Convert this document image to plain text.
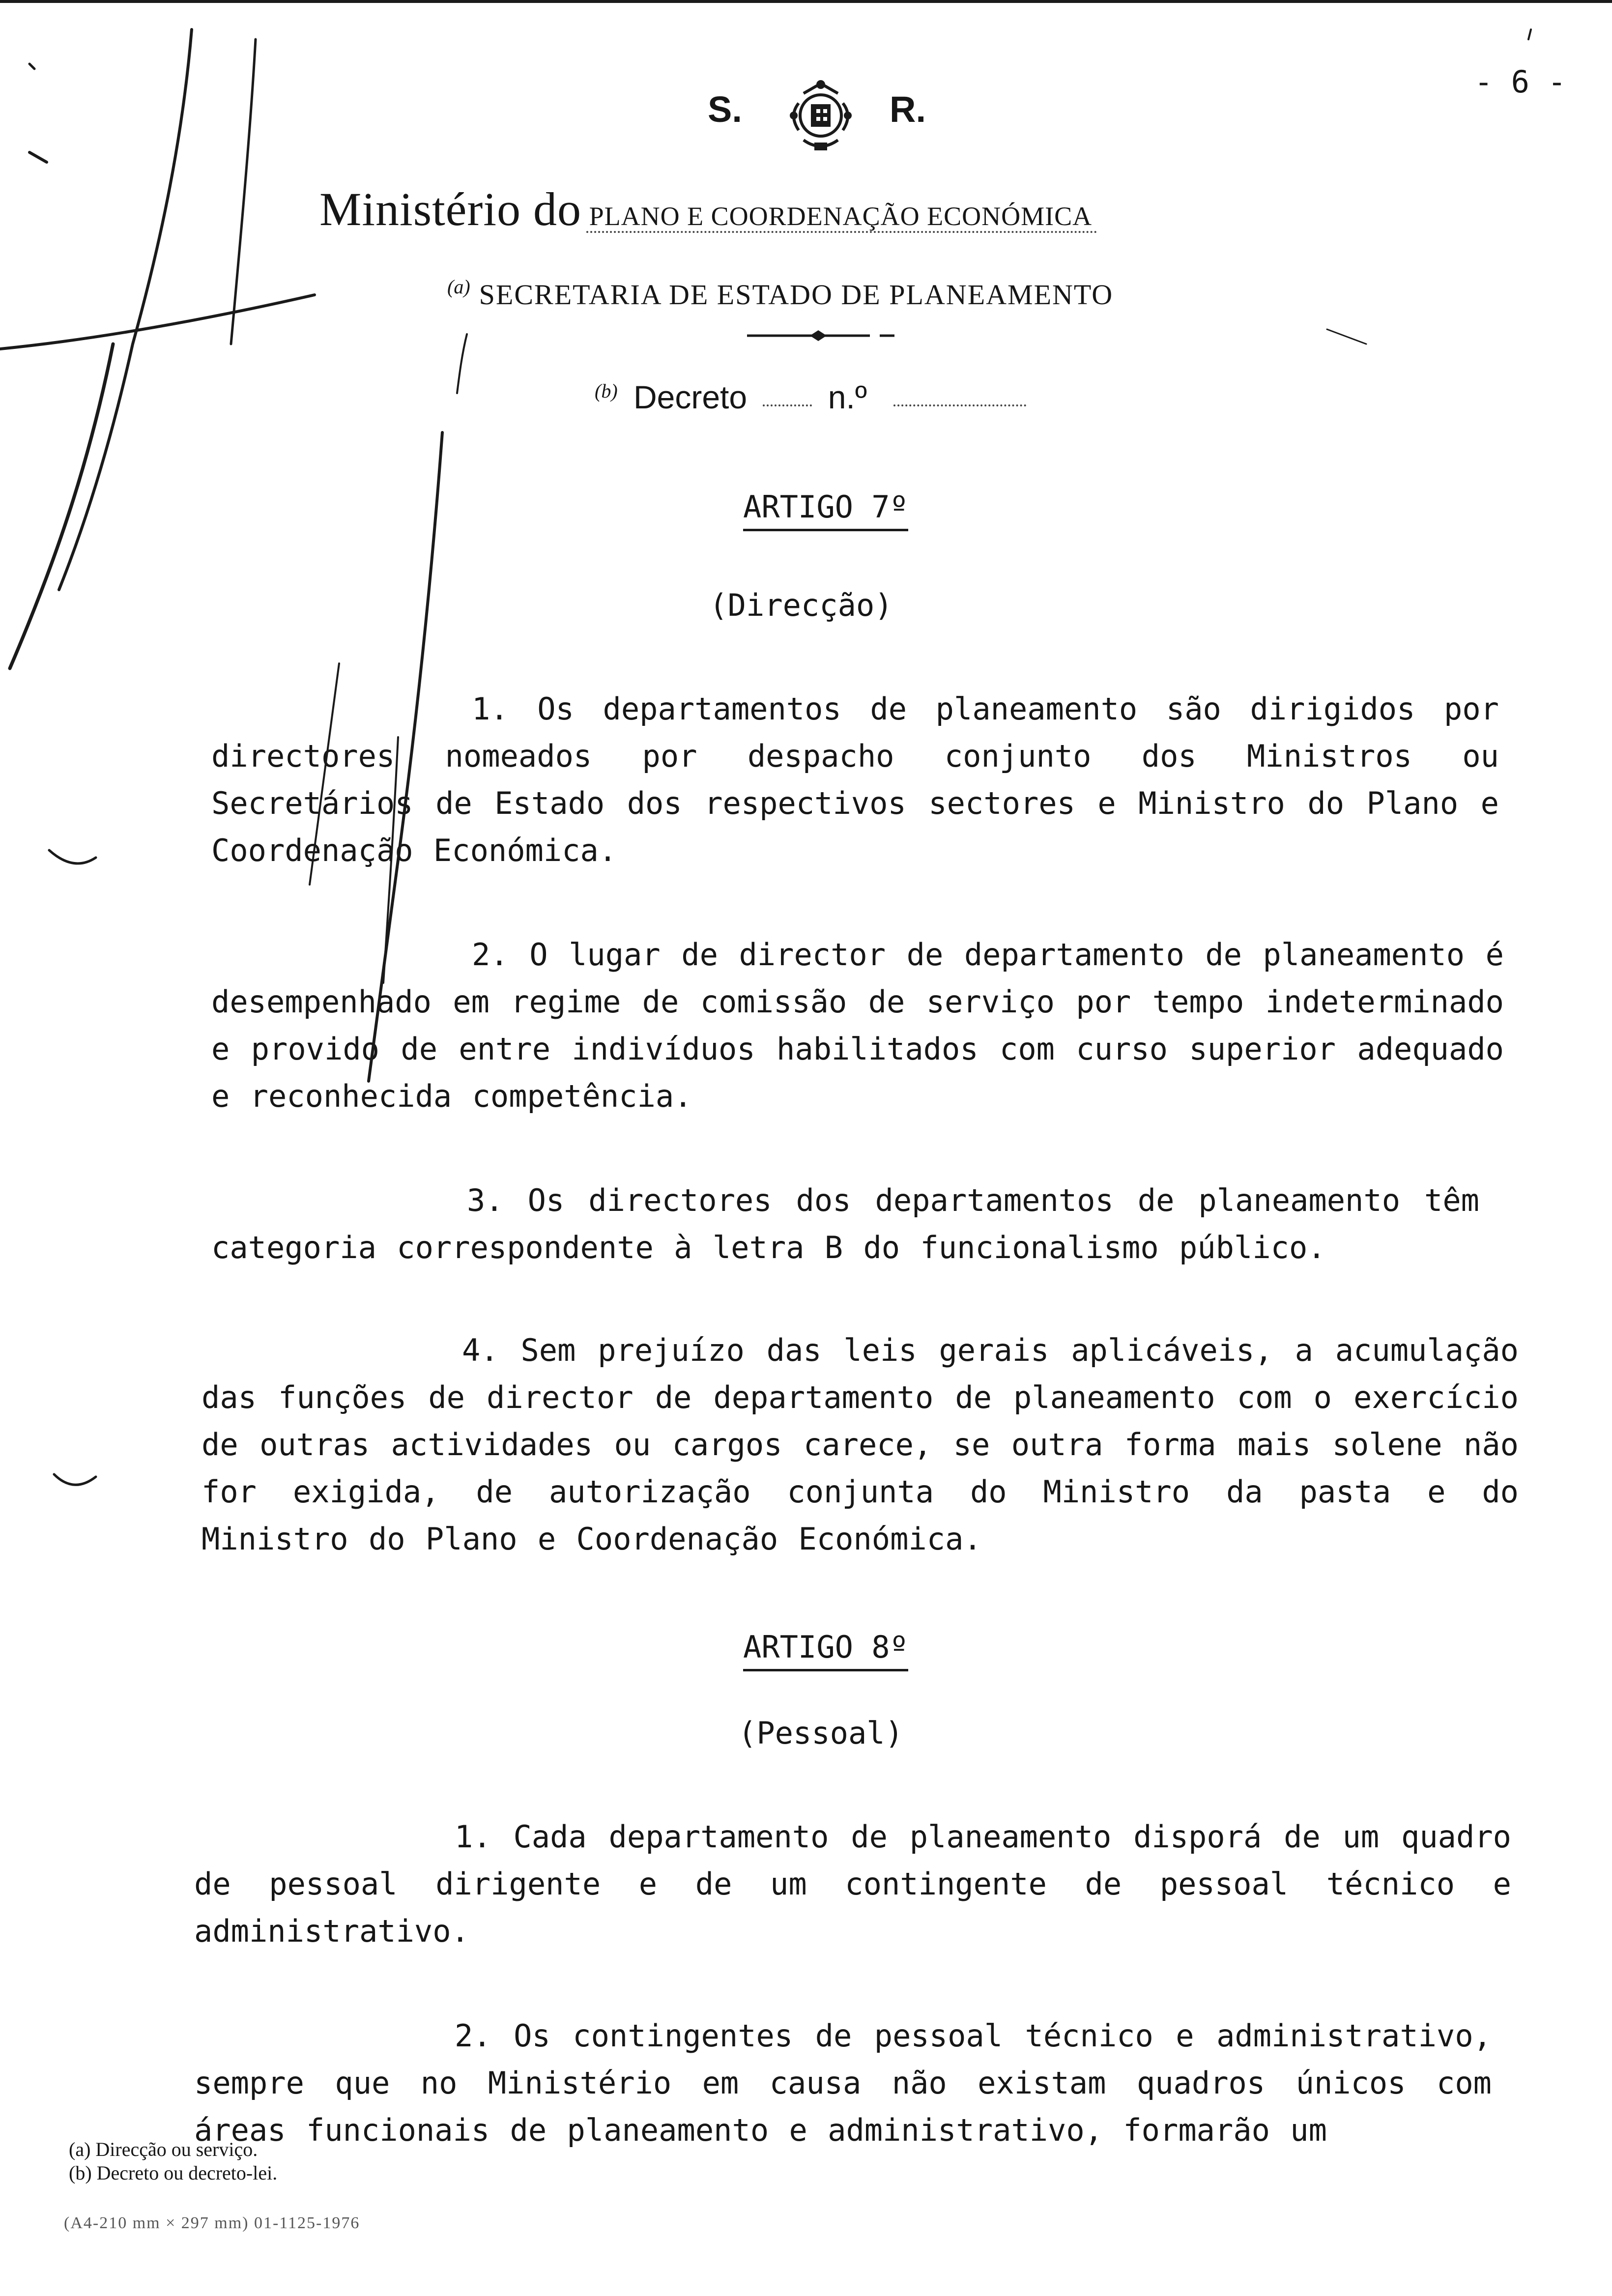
- 6 -
S.	R.
Ministério do PLANO E COORDENAÇÃO ECONÓMICA
(a) SECRETARIA DE ESTADO DE PLANEAMENTO
$^{(b)}$ Decreto n.º
ARTIGO 7º
(Direcção)
1. Os departamentos de planeamento são dirigidos por directores nomeados por despacho conjunto dos Ministros ou Secretários de Estado dos respectivos sectores e Ministro do Plano e Coordenação Económica.
2. O lugar de director de departamento de planeamento é desempenhado em regime de comissão de serviço por tempo indeterminado e provido de entre indivíduos habilitados com curso superior adequado e reconhecida competência.
3. Os directores dos departamentos de planeamento têm categoria correspondente à letra B do funcionalismo público.
4. Sem prejuízo das leis gerais aplicáveis, a acumulação das funções de director de departamento de planeamento com o exercício de outras actividades ou cargos carece, se outra forma mais solene não for exigida, de autorização conjunta do Ministro da pasta e do Ministro do Plano e Coordenação Económica.
ARTIGO 8º
(Pessoal)
1. Cada departamento de planeamento disporá de um quadro de pessoal dirigente e de um contingente de pessoal técnico e administrativo.
2. Os contingentes de pessoal técnico e administrativo, sempre que no Ministério em causa não existam quadros únicos com áreas funcionais de planeamento e administrativo, formarão um
(a) Direcção ou serviço.
(b) Decreto ou decreto-lei.
(A4-210 mm × 297 mm) 01-1125-1976
